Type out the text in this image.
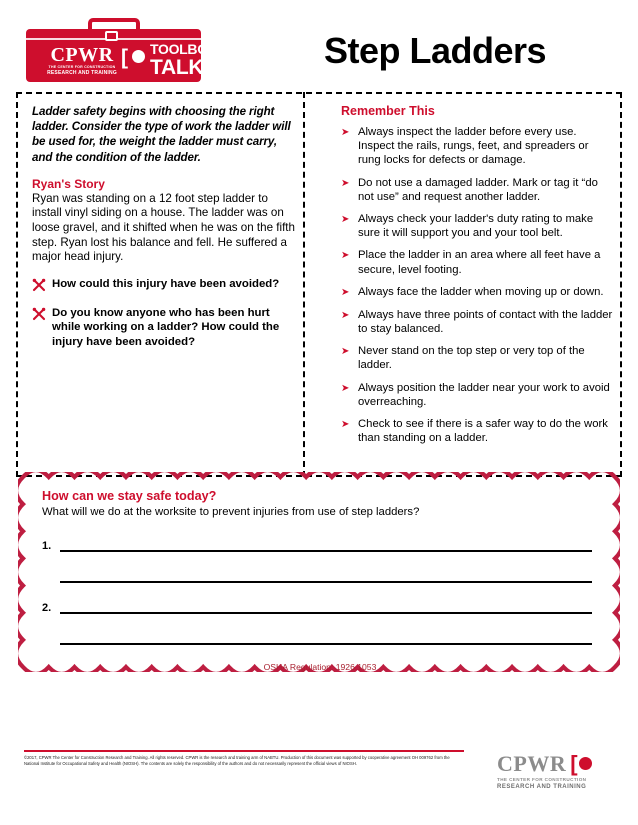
CPWR
THE CENTER FOR CONSTRUCTION
RESEARCH AND TRAINING
[ TOOLBOX
TALK	Step Ladders
Ladder safety begins with choosing the right ladder. Consider the type of work the ladder will be used for, the weight the ladder must carry, and the condition of the ladder.
Ryan's Story
Ryan was standing on a 12 foot step ladder to install vinyl siding on a house. The ladder was on loose gravel, and it shifted when he was on the fifth step. Ryan lost his balance and fell. He suffered a major head injury.
How could this injury have been avoided?
Do you know anyone who has been hurt while working on a ladder? How could the injury have been avoided?
Remember This
➤ Always inspect the ladder before every use. Inspect the rails, rungs, feet, and spreaders or rung locks for defects or damage.
➤ Do not use a damaged ladder. Mark or tag it “do not use” and request another ladder.
➤ Always check your ladder's duty rating to make sure it will support you and your tool belt.
➤ Place the ladder in an area where all feet have a secure, level footing.
➤ Always face the ladder when moving up or down.
➤ Always have three points of contact with the ladder to stay balanced.
➤ Never stand on the top step or very top of the ladder.
➤ Always position the ladder near your work to avoid overreaching.
➤ Check to see if there is a safer way to do the work than standing on a ladder.
How can we stay safe today?
What will we do at the worksite to prevent injuries from use of step ladders?
1.
2.
OSHA Regulation: 1926.1053
©2017, CPWR The Center for Construction Research and Training. All rights reserved. CPWR is the research and training arm of NABTU. Production of this document was supported by cooperative agreement OH 009762 from the National Institute for Occupational Safety and Health (NIOSH). The contents are solely the responsibility of the authors and do not necessarily represent the official views of NIOSH.	CPWR [
THE CENTER FOR CONSTRUCTION
RESEARCH AND TRAINING
